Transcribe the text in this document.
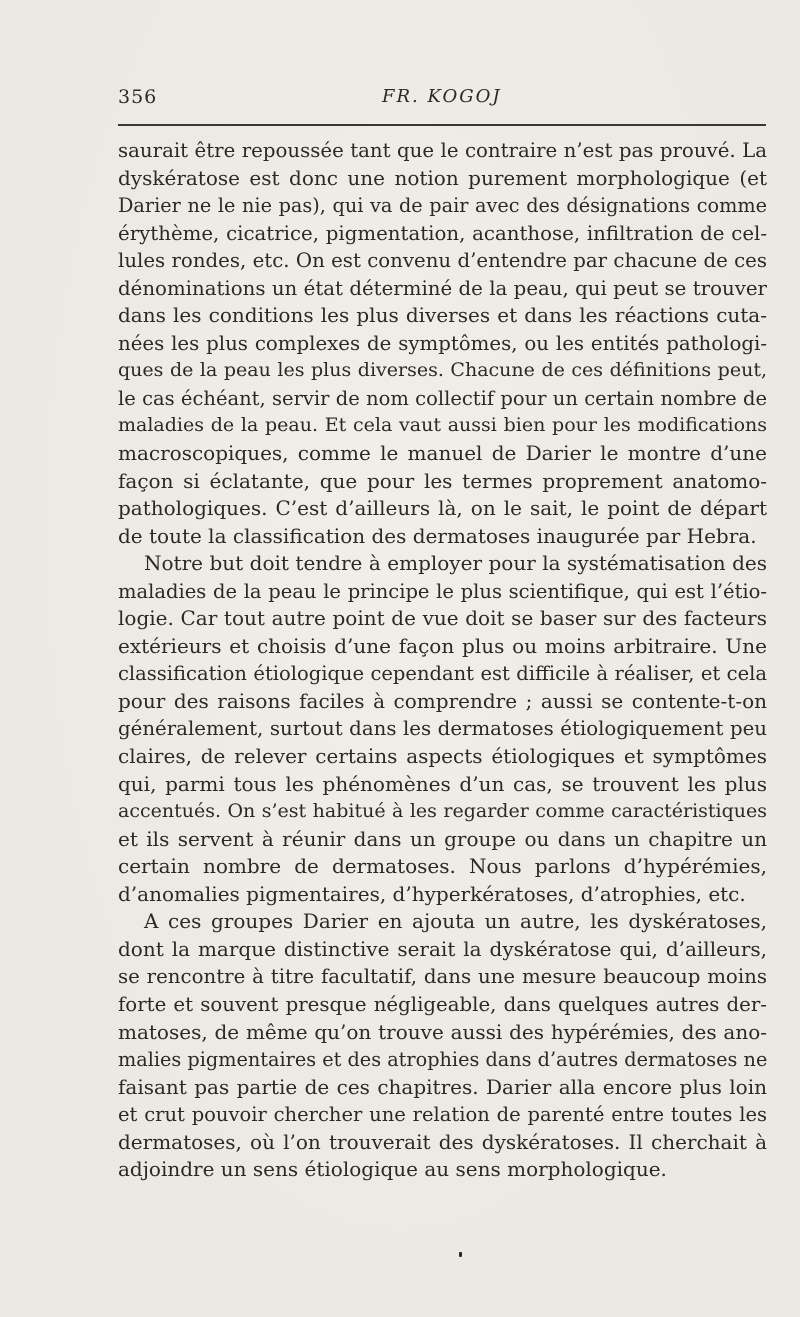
356	FR. KOGOJ
saurait être repoussée tant que le contraire n’est pas prouvé. La
dyskératose est donc une notion purement morphologique (et
Darier ne le nie pas), qui va de pair avec des désignations comme
érythème, cicatrice, pigmentation, acanthose, infiltration de cel-
lules rondes, etc. On est convenu d’entendre par chacune de ces
dénominations un état déterminé de la peau, qui peut se trouver
dans les conditions les plus diverses et dans les réactions cuta-
nées les plus complexes de symptômes, ou les entités pathologi-
ques de la peau les plus diverses. Chacune de ces définitions peut,
le cas échéant, servir de nom collectif pour un certain nombre de
maladies de la peau. Et cela vaut aussi bien pour les modifications
macroscopiques, comme le manuel de Darier le montre d’une
façon si éclatante, que pour les termes proprement anatomo-
pathologiques. C’est d’ailleurs là, on le sait, le point de départ
de toute la classification des dermatoses inaugurée par Hebra.
Notre but doit tendre à employer pour la systématisation des
maladies de la peau le principe le plus scientifique, qui est l’étio-
logie. Car tout autre point de vue doit se baser sur des facteurs
extérieurs et choisis d’une façon plus ou moins arbitraire. Une
classification étiologique cependant est difficile à réaliser, et cela
pour des raisons faciles à comprendre ; aussi se contente-t-on
généralement, surtout dans les dermatoses étiologiquement peu
claires, de relever certains aspects étiologiques et symptômes
qui, parmi tous les phénomènes d’un cas, se trouvent les plus
accentués. On s’est habitué à les regarder comme caractéristiques
et ils servent à réunir dans un groupe ou dans un chapitre un
certain nombre de dermatoses. Nous parlons d’hypérémies,
d’anomalies pigmentaires, d’hyperkératoses, d’atrophies, etc.
A ces groupes Darier en ajouta un autre, les dyskératoses,
dont la marque distinctive serait la dyskératose qui, d’ailleurs,
se rencontre à titre facultatif, dans une mesure beaucoup moins
forte et souvent presque négligeable, dans quelques autres der-
matoses, de même qu’on trouve aussi des hypérémies, des ano-
malies pigmentaires et des atrophies dans d’autres dermatoses ne
faisant pas partie de ces chapitres. Darier alla encore plus loin
et crut pouvoir chercher une relation de parenté entre toutes les
dermatoses, où l’on trouverait des dyskératoses. Il cherchait à
adjoindre un sens étiologique au sens morphologique.
